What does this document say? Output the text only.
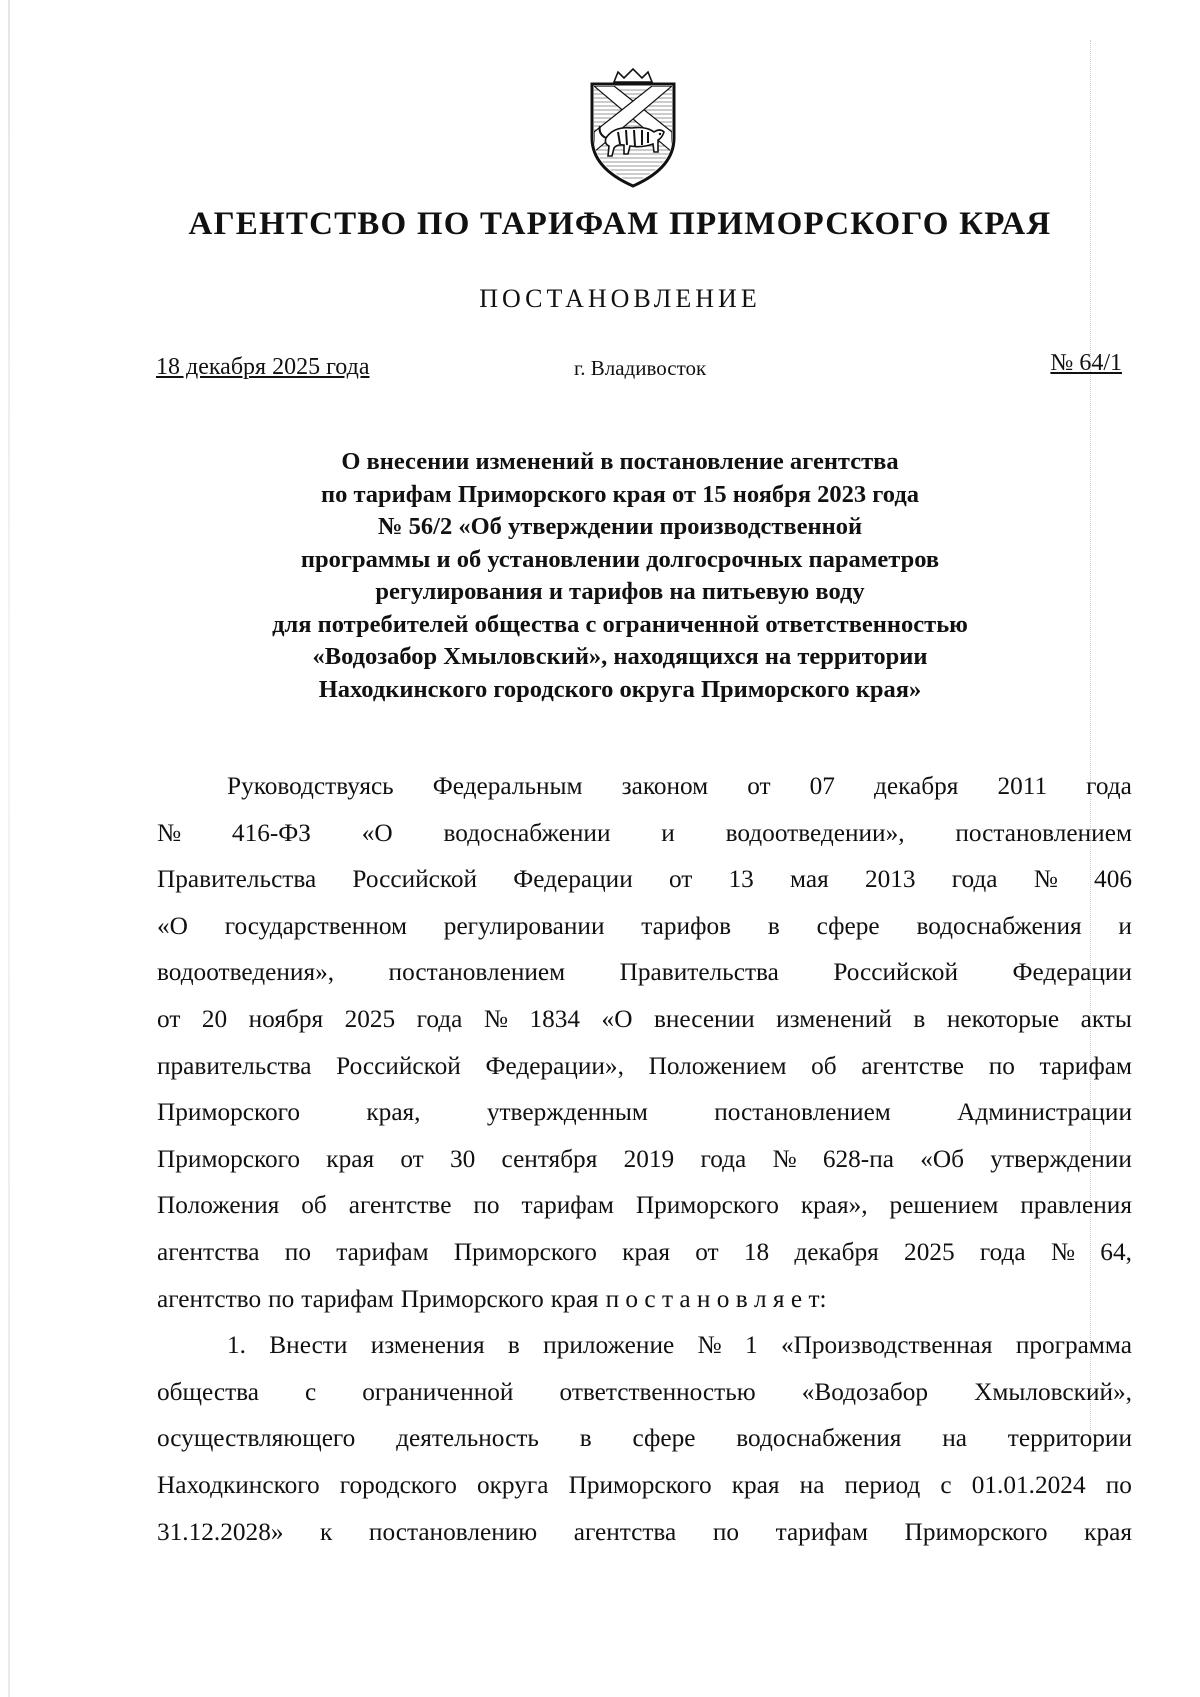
АГЕНТСТВО ПО ТАРИФАМ ПРИМОРСКОГО КРАЯ
ПОСТАНОВЛЕНИЕ
18 декабря 2025 года	г. Владивосток	№ 64/1
О внесении изменений в постановление агентства
по тарифам Приморского края от 15 ноября 2023 года
№ 56/2 «Об утверждении производственной
программы и об установлении долгосрочных параметров
регулирования и тарифов на питьевую воду
для потребителей общества с ограниченной ответственностью
«Водозабор Хмыловский», находящихся на территории
Находкинского городского округа Приморского края»
Руководствуясь Федеральным законом от 07 декабря 2011 года
№ 416-ФЗ «О водоснабжении и водоотведении», постановлением
Правительства Российской Федерации от 13 мая 2013 года № 406
«О государственном регулировании тарифов в сфере водоснабжения и
водоотведения», постановлением Правительства Российской Федерации
от 20 ноября 2025 года № 1834 «О внесении изменений в некоторые акты
правительства Российской Федерации», Положением об агентстве по тарифам
Приморского	края,	утвержденным	постановлением	Администрации
Приморского края от 30 сентября 2019 года № 628-па «Об утверждении
Положения об агентстве по тарифам Приморского края», решением правления
агентства по тарифам Приморского края от 18 декабря 2025 года № 64,
агентство по тарифам Приморского края п о с т а н о в л я е т:
1. Внести изменения в приложение № 1 «Производственная программа
общества с ограниченной ответственностью «Водозабор Хмыловский»,
осуществляющего деятельность в сфере водоснабжения на территории
Находкинского городского округа Приморского края на период с 01.01.2024 по
31.12.2028» к постановлению агентства по тарифам Приморского края
